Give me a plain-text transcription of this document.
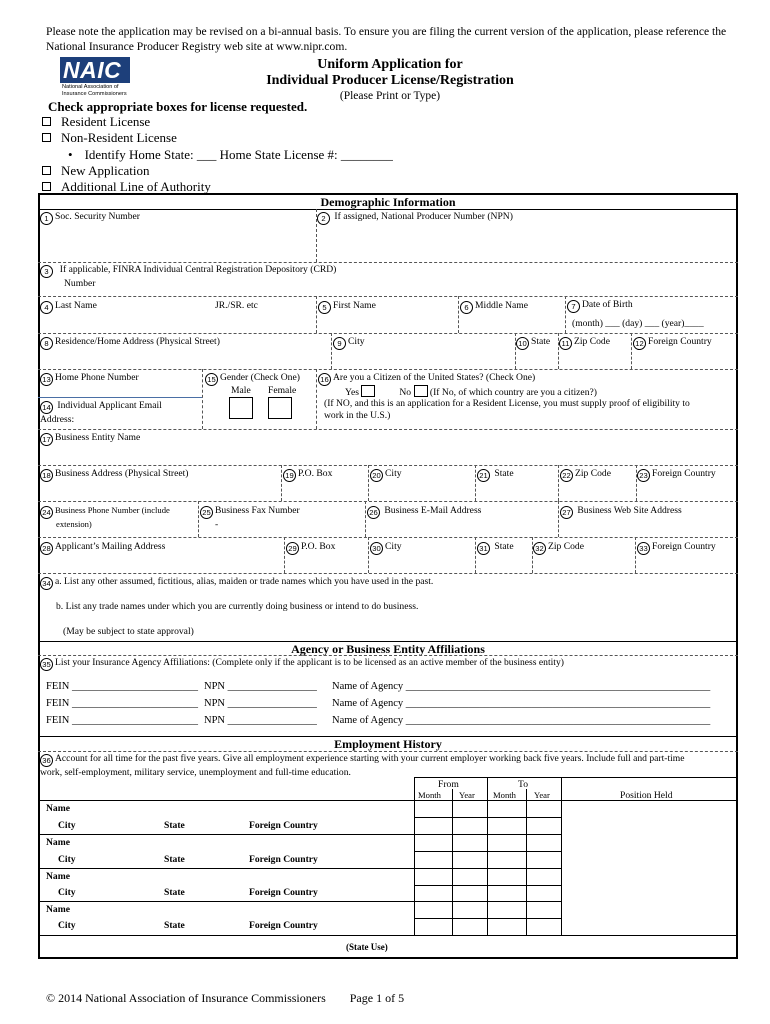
Please note the application may be revised on a bi-annual basis. To ensure you are filing the current version of the application, please reference the National Insurance Producer Registry web site at www.nipr.com.
NAIC
National Association of Insurance Commissioners
Uniform Application for
Individual Producer License/Registration
(Please Print or Type)
Check appropriate boxes for license requested.
Resident License
Non-Resident License
• Identify Home State: ___ Home State License #: ________
New Application
Additional Line of Authority
Demographic Information
1 Soc. Security Number	2 If assigned, National Producer Number (NPN)
3 If applicable, FINRA Individual Central Registration Depository (CRD)
Number
4 Last Name	JR./SR. etc	5 First Name	6 Middle Name	7 Date of Birth
(month) ___ (day) ___ (year)____
8 Residence/Home Address (Physical Street)	9 City	10 State	11 Zip Code	12 Foreign Country
13 Home Phone Number
14 Individual Applicant Email
Address:
15 Gender (Check One)
Male Female
16 Are you a Citizen of the United States? (Check One)
Yes	No (If No, of which country are you a citizen?)
(If NO, and this is an application for a Resident License, you must supply proof of eligibility to
work in the U.S.)
17 Business Entity Name
18 Business Address (Physical Street)	19 P.O. Box	20 City	21 State	22 Zip Code	23 Foreign Country
24 Business Phone Number (include
extension)
25 Business Fax Number
-
26 Business E-Mail Address	27 Business Web Site Address
28 Applicant’s Mailing Address	29 P.O. Box	30 City	31 State	32 Zip Code	33 Foreign Country
34 a. List any other assumed, fictitious, alias, maiden or trade names which you have used in the past.
b. List any trade names under which you are currently doing business or intend to do business.
(May be subject to state approval)
Agency or Business Entity Affiliations
35 List your Insurance Agency Affiliations: (Complete only if the applicant is to be licensed as an active member of the business entity)
FEIN ________________________ NPN _________________ Name of Agency __________________________________________________________
FEIN ________________________ NPN _________________ Name of Agency __________________________________________________________
FEIN ________________________ NPN _________________ Name of Agency __________________________________________________________
Employment History
36 Account for all time for the past five years. Give all employment experience starting with your current employer working back five years. Include full and part-time
work, self-employment, military service, unemployment and full-time education.
From	To
Month Year Month Year	Position Held
Name
City	State	Foreign Country
Name
City	State	Foreign Country
Name
City	State	Foreign Country
Name
City	State	Foreign Country
(State Use)
© 2014 National Association of Insurance Commissioners Page 1 of 5
